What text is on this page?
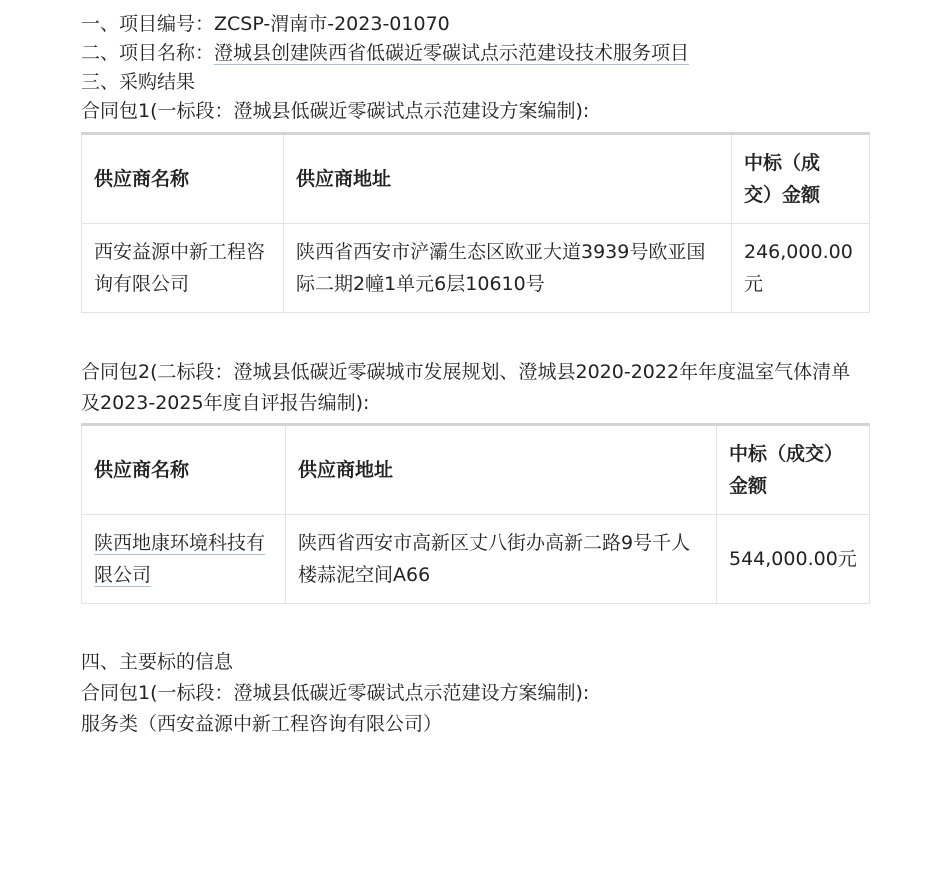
一、项目编号：ZCSP-渭南市-2023-01070
二、项目名称：澄城县创建陕西省低碳近零碳试点示范建设技术服务项目
三、采购结果
合同包1(一标段：澄城县低碳近零碳试点示范建设方案编制):
供应商名称	供应商地址	中标（成交）金额
西安益源中新工程咨询有限公司	陕西省西安市浐灞生态区欧亚大道3939号欧亚国际二期2幢1单元6层10610号	246,000.00元
合同包2(二标段：澄城县低碳近零碳城市发展规划、澄城县2020-2022年年度温室气体清单及2023-2025年度自评报告编制):
供应商名称	供应商地址	中标（成交）金额
陕西地康环境科技有限公司	陕西省西安市高新区丈八街办高新二路9号千人楼蒜泥空间A66	544,000.00元
四、主要标的信息
合同包1(一标段：澄城县低碳近零碳试点示范建设方案编制):
服务类（西安益源中新工程咨询有限公司）
